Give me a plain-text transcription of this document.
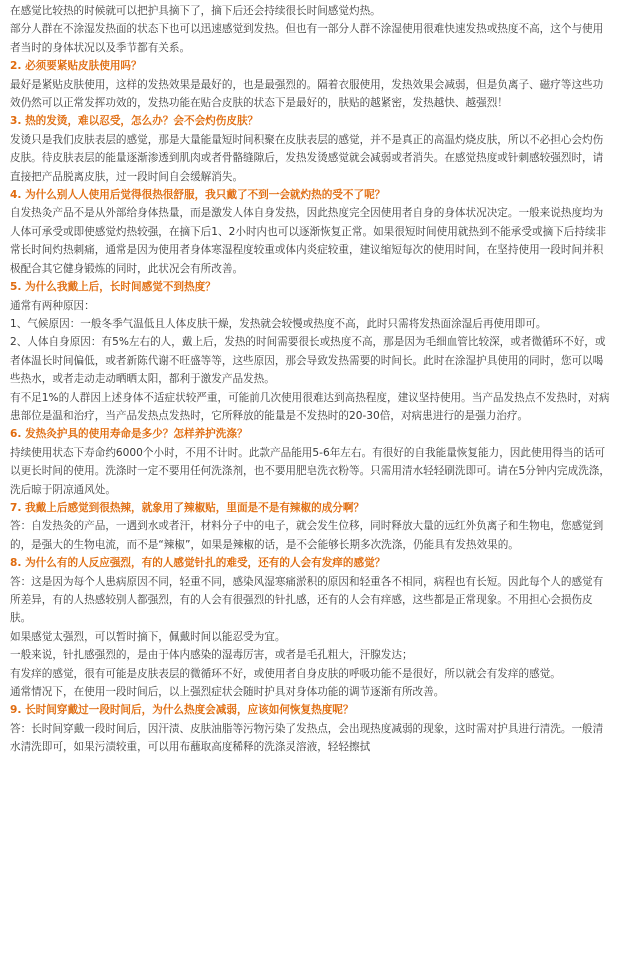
在感觉比较热的时候就可以把护具摘下了，摘下后还会持续很长时间感觉灼热。
部分人群在不涂湿发热面的状态下也可以迅速感觉到发热。但也有一部分人群不涂湿使用很难快速发热或热度不高，这个与使用者当时的身体状况以及季节都有关系。
2. 必须要紧贴皮肤使用吗？
最好是紧贴皮肤使用，这样的发热效果是最好的，也是最强烈的。隔着衣服使用，发热效果会减弱，但是负离子、磁疗等这些功效仍然可以正常发挥功效的，发热功能在贴合皮肤的状态下是最好的，肤贴的越紧密，发热越快、越强烈！
3. 热的发烫，难以忍受，怎么办？会不会灼伤皮肤？
发烫只是我们皮肤表层的感觉，那是大量能量短时间积聚在皮肤表层的感觉，并不是真正的高温灼烧皮肤，所以不必担心会灼伤皮肤。待皮肤表层的能量逐渐渗透到肌肉或者骨骼缝隙后，发热发烫感觉就会减弱或者消失。在感觉热度或针刺感较强烈时，请直接把产品脱离皮肤，过一段时间自会缓解消失。
4. 为什么别人人使用后觉得很热很舒服，我只戴了不到一会就灼热的受不了呢？
自发热灸产品不是从外部给身体热量，而是激发人体自身发热，因此热度完全因使用者自身的身体状况决定。一般来说热度均为人体可承受或即使感觉灼热较强，在摘下后1、2小时内也可以逐渐恢复正常。如果很短时间使用就热到不能承受或摘下后持续非常长时间灼热刺痛，通常是因为使用者身体寒湿程度较重或体内炎症较重，建议缩短每次的使用时间，在坚持使用一段时间并积极配合其它健身锻炼的同时，此状况会有所改善。
5. 为什么我戴上后，长时间感觉不到热度？
通常有两种原因：
1、气候原因：一般冬季气温低且人体皮肤干燥，发热就会较慢或热度不高，此时只需将发热面涂湿后再使用即可。
2、人体自身原因：有5%左右的人，戴上后，发热的时间需要很长或热度不高，那是因为毛细血管比较深，或者微循环不好，或者体温长时间偏低，或者新陈代谢不旺盛等等，这些原因，那会导致发热需要的时间长。此时在涂湿护具使用的同时，您可以喝些热水，或者走动走动晒晒太阳，都利于激发产品发热。
有不足1%的人群因上述身体不适症状较严重，可能前几次使用很难达到高热程度，建议坚持使用。当产品发热点不发热时，对病患部位是温和治疗，当产品发热点发热时，它所释放的能量是不发热时的20-30倍，对病患进行的是强力治疗。
6. 发热灸护具的使用寿命是多少？怎样养护洗涤？
持续使用状态下寿命约6000个小时，不用不计时。此款产品能用5-6年左右。有很好的自我能量恢复能力，因此使用得当的话可以更长时间的使用。洗涤时一定不要用任何洗涤剂，也不要用肥皂洗衣粉等。只需用清水轻轻刷洗即可。请在5分钟内完成洗涤，洗后晾于阴凉通风处。
7. 我戴上后感觉到很热辣，就象用了辣椒贴，里面是不是有辣椒的成分啊？
答：自发热灸的产品，一遇到水或者汗，材料分子中的电子，就会发生位移，同时释放大量的远红外负离子和生物电，您感觉到的，是强大的生物电流，而不是“辣椒”，如果是辣椒的话，是不会能够长期多次洗涤，仍能具有发热效果的。
8. 为什么有的人反应强烈，有的人感觉针扎的难受，还有的人会有发痒的感觉？
答：这是因为每个人患病原因不同，轻重不同，感染风湿寒痛淤积的原因和轻重各不相同，病程也有长短。因此每个人的感觉有所差异，有的人热感较别人都强烈，有的人会有很强烈的针扎感，还有的人会有痒感，这些都是正常现象。不用担心会损伤皮肤。
如果感觉太强烈，可以暂时摘下，佩戴时间以能忍受为宜。
一般来说，针扎感强烈的，是由于体内感染的湿毒厉害，或者是毛孔粗大，汗腺发达；
有发痒的感觉，很有可能是皮肤表层的微循环不好，或使用者自身皮肤的呼吸功能不是很好，所以就会有发痒的感觉。
通常情况下，在使用一段时间后，以上强烈症状会随时护具对身体功能的调节逐渐有所改善。
9. 长时间穿戴过一段时间后，为什么热度会减弱，应该如何恢复热度呢？
答：长时间穿戴一段时间后，因汗渍、皮肤油脂等污物污染了发热点，会出现热度减弱的现象，这时需对护具进行清洗。一般清水清洗即可，如果污渍较重，可以用布蘸取高度稀释的洗涤灵溶液，轻轻擦拭
